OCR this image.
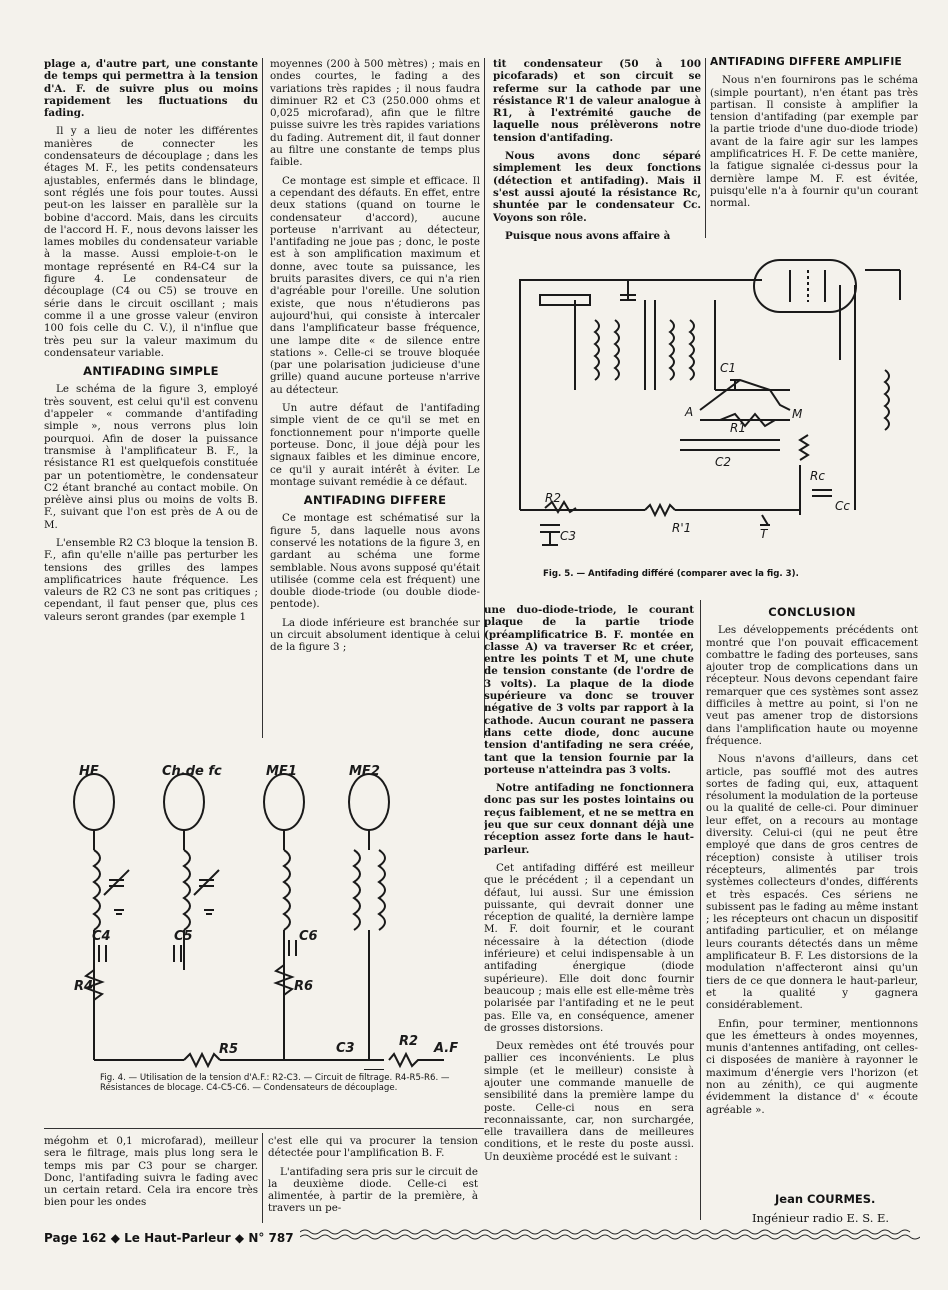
plage a, d'autre part, une constante de temps qui permettra à la tension d'A. F. de suivre plus ou moins rapidement les fluctuations du fading.

Il y a lieu de noter les différentes manières de connecter les condensateurs de découplage ; dans les étages M. F., les petits condensateurs ajustables, enfermés dans le blindage, sont réglés une fois pour toutes. Aussi peut-on les laisser en parallèle sur la bobine d'accord. Mais, dans les circuits de l'accord H. F., nous devons laisser les lames mobiles du condensateur variable à la masse. Aussi emploie-t-on le montage représenté en R4-C4 sur la figure 4. Le condensateur de découplage (C4 ou C5) se trouve en série dans le circuit oscillant ; mais comme il a une grosse valeur (environ 100 fois celle du C. V.), il n'influe que très peu sur la valeur maximum du condensateur variable.

ANTIFADING SIMPLE

Le schéma de la figure 3, employé très souvent, est celui qu'il est convenu d'appeler « commande d'antifading simple », nous verrons plus loin pourquoi. Afin de doser la puissance transmise à l'amplificateur B. F., la résistance R1 est quelquefois constituée par un potentiomètre, le condensateur C2 étant branché au contact mobile. On prélève ainsi plus ou moins de volts B. F., suivant que l'on est près de A ou de M.

L'ensemble R2 C3 bloque la tension B. F., afin qu'elle n'aille pas perturber les tensions des grilles des lampes amplificatrices haute fréquence. Les valeurs de R2 C3 ne sont pas critiques ; cependant, il faut penser que, plus ces valeurs seront grandes (par exemple 1

moyennes (200 à 500 mètres) ; mais en ondes courtes, le fading a des variations très rapides ; il nous faudra diminuer R2 et C3 (250.000 ohms et 0,025 microfarad), afin que le filtre puisse suivre les très rapides variations du fading. Autrement dit, il faut donner au filtre une constante de temps plus faible.

Ce montage est simple et efficace. Il a cependant des défauts. En effet, entre deux stations (quand on tourne le condensateur d'accord), aucune porteuse n'arrivant au détecteur, l'antifading ne joue pas ; donc, le poste est à son amplification maximum et donne, avec toute sa puissance, les bruits parasites divers, ce qui n'a rien d'agréable pour l'oreille. Une solution existe, que nous n'étudierons pas aujourd'hui, qui consiste à intercaler dans l'amplificateur basse fréquence, une lampe dite « de silence entre stations ». Celle-ci se trouve bloquée (par une polarisation judicieuse d'une grille) quand aucune porteuse n'arrive au détecteur.

Un autre défaut de l'antifading simple vient de ce qu'il se met en fonctionnement pour n'importe quelle porteuse. Donc, il joue déjà pour les signaux faibles et les diminue encore, ce qu'il y aurait intérêt à éviter. Le montage suivant remédie à ce défaut.

ANTIFADING DIFFERE

Ce montage est schématisé sur la figure 5, dans laquelle nous avons conservé les notations de la figure 3, en gardant au schéma une forme semblable. Nous avons supposé qu'était utilisée (comme cela est fréquent) une double diode-triode (ou double diode-pentode).

La diode inférieure est branchée sur un circuit absolument identique à celui de la figure 3 ;

tit condensateur (50 à 100 picofarads) et son circuit se referme sur la cathode par une résistance R'1 de valeur analogue à R1, à l'extrémité gauche de laquelle nous prélèverons notre tension d'antifading.

Nous avons donc séparé simplement les deux fonctions (détection et antifading). Mais il s'est aussi ajouté la résistance Rc, shuntée par le condensateur Cc. Voyons son rôle.

Puisque nous avons affaire à

ANTIFADING DIFFERE AMPLIFIE

Nous n'en fournirons pas le schéma (simple pourtant), n'en étant pas très partisan. Il consiste à amplifier la tension d'antifading (par exemple par la partie triode d'une duo-diode triode) avant de la faire agir sur les lampes amplificatrices H. F. De cette manière, la fatigue signalée ci-dessus pour la dernière lampe M. F. est évitée, puisqu'elle n'a à fournir qu'un courant normal.

C1
A	M
R1
C2
Rc
Cc
R2
C3
R'1	T
Fig. 5. — Antifading différé (comparer avec la fig. 3).

une duo-diode-triode, le courant plaque de la partie triode (préamplificatrice B. F. montée en classe A) va traverser Rc et créer, entre les points T et M, une chute de tension constante (de l'ordre de 3 volts). La plaque de la diode supérieure va donc se trouver négative de 3 volts par rapport à la cathode. Aucun courant ne passera dans cette diode, donc aucune tension d'antifading ne sera créée, tant que la tension fournie par la porteuse n'atteindra pas 3 volts.

Notre antifading ne fonctionnera donc pas sur les postes lointains ou reçus faiblement, et ne se mettra en jeu que sur ceux donnant déjà une réception assez forte dans le haut-parleur.

Cet antifading différé est meilleur que le précédent ; il a cependant un défaut, lui aussi. Sur une émission puissante, qui devrait donner une réception de qualité, la dernière lampe M. F. doit fournir, et le courant nécessaire à la détection (diode inférieure) et celui indispensable à un antifading énergique (diode supérieure). Elle doit donc fournir beaucoup ; mais elle est elle-même très polarisée par l'antifading et ne le peut pas. Elle va, en conséquence, amener de grosses distorsions.

Deux remèdes ont été trouvés pour pallier ces inconvénients. Le plus simple (et le meilleur) consiste à ajouter une commande manuelle de sensibilité dans la première lampe du poste. Celle-ci nous en sera reconnaissante, car, non surchargée, elle travaillera dans de meilleures conditions, et le reste du poste aussi. Un deuxième procédé est le suivant :

CONCLUSION

Les développements précédents ont montré que l'on pouvait efficacement combattre le fading des porteuses, sans ajouter trop de complications dans un récepteur. Nous devons cependant faire remarquer que ces systèmes sont assez difficiles à mettre au point, si l'on ne veut pas amener trop de distorsions dans l'amplification haute ou moyenne fréquence.

Nous n'avons d'ailleurs, dans cet article, pas soufflé mot des autres sortes de fading qui, eux, attaquent résolument la modulation de la porteuse ou la qualité de celle-ci. Pour diminuer leur effet, on a recours au montage diversity. Celui-ci (qui ne peut être employé que dans de gros centres de réception) consiste à utiliser trois récepteurs, alimentés par trois systèmes collecteurs d'ondes, différents et très espacés. Ces sériens ne subissent pas le fading au même instant ; les récepteurs ont chacun un dispositif antifading particulier, et on mélange leurs courants détectés dans un même amplificateur B. F. Les distorsions de la modulation n'affecteront ainsi qu'un tiers de ce que donnera le haut-parleur, et la qualité y gagnera considérablement.

Enfin, pour terminer, mentionnons que les émetteurs à ondes moyennes, munis d'antennes antifading, ont celles-ci disposées de manière à rayonner le maximum d'énergie vers l'horizon (et non au zénith), ce qui augmente évidemment la distance d' « écoute agréable ».

Jean COURMES.
Ingénieur radio E. S. E.
HF	Ch.de fc	MF1	MF2
C4	C5	C6
R4	R6
R5	C3	R2 A.F
Fig. 4. — Utilisation de la tension d'A.F.: R2-C3. — Circuit de filtrage. R4-R5-R6. — Résistances de blocage. C4-C5-C6. — Condensateurs de découplage.

mégohm et 0,1 microfarad), meilleur sera le filtrage, mais plus long sera le temps mis par C3 pour se charger. Donc, l'antifading suivra le fading avec un certain retard. Cela ira encore très bien pour les ondes

c'est elle qui va procurer la tension détectée pour l'amplification B. F.

L'antifading sera pris sur le circuit de la deuxième diode. Celle-ci est alimentée, à partir de la première, à travers un pe-

Page 162 ◆ Le Haut-Parleur ◆ N° 787
